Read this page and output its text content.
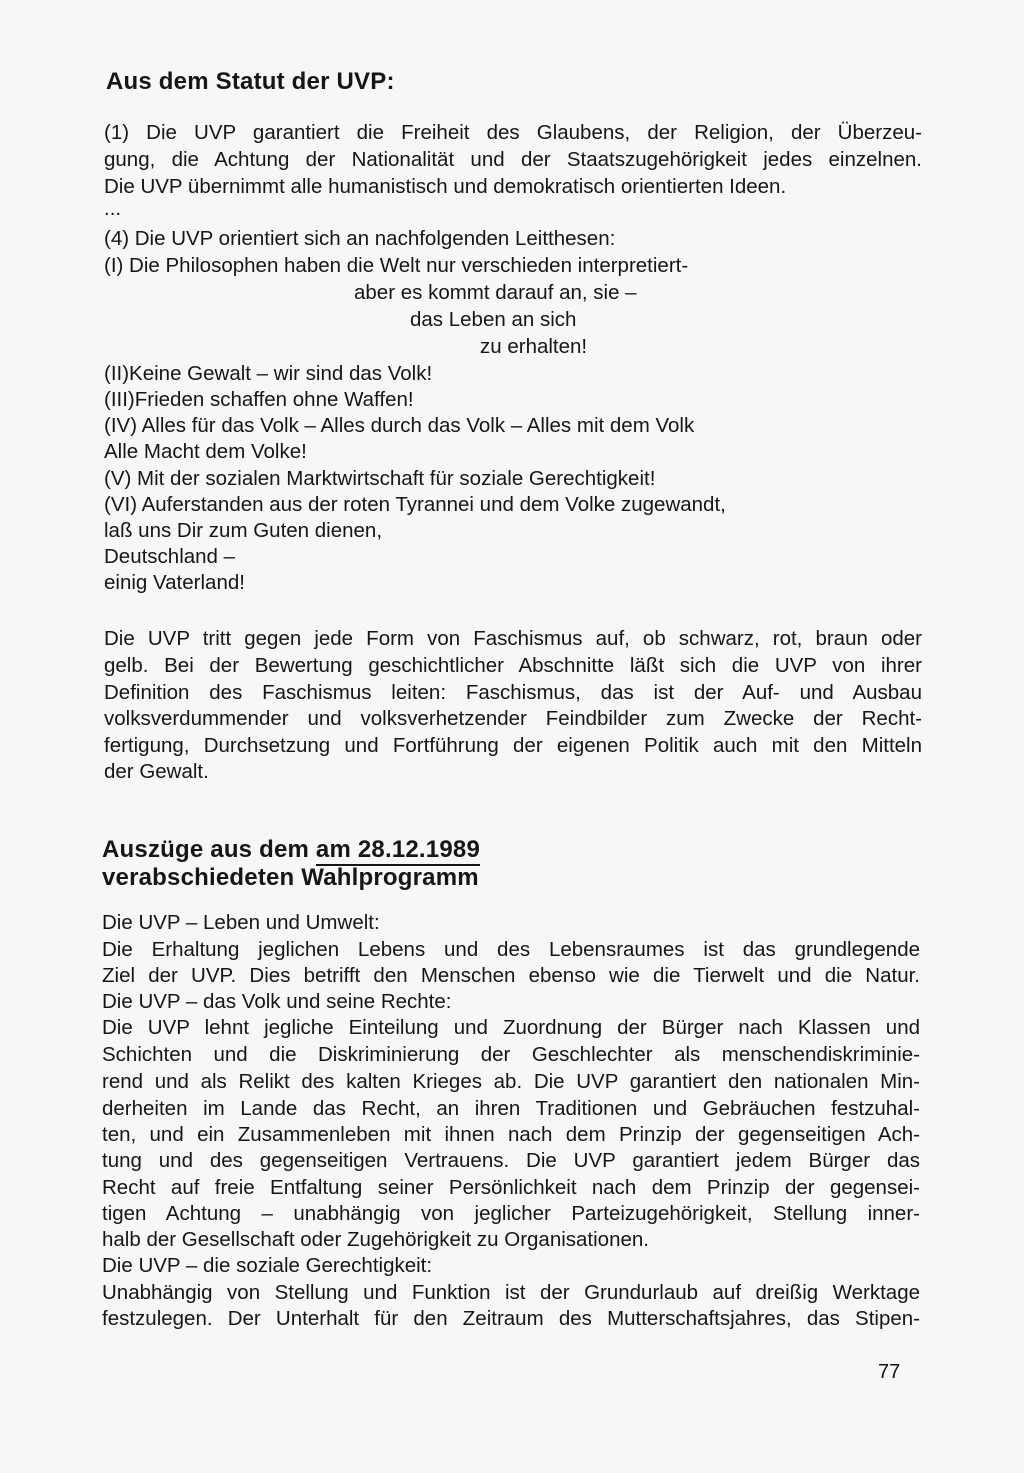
Aus dem Statut der UVP:
(1) Die UVP garantiert die Freiheit des Glaubens, der Religion, der Überzeu-
gung, die Achtung der Nationalität und der Staatszugehörigkeit jedes einzelnen.
Die UVP übernimmt alle humanistisch und demokratisch orientierten Ideen.
...
(4) Die UVP orientiert sich an nachfolgenden Leitthesen:
(I) Die Philosophen haben die Welt nur verschieden interpretiert-
aber es kommt darauf an, sie –
das Leben an sich
zu erhalten!
(II)Keine Gewalt – wir sind das Volk!
(III)Frieden schaffen ohne Waffen!
(IV) Alles für das Volk – Alles durch das Volk – Alles mit dem Volk
Alle Macht dem Volke!
(V) Mit der sozialen Marktwirtschaft für soziale Gerechtigkeit!
(VI) Auferstanden aus der roten Tyrannei und dem Volke zugewandt,
laß uns Dir zum Guten dienen,
Deutschland –
einig Vaterland!
Die UVP tritt gegen jede Form von Faschismus auf, ob schwarz, rot, braun oder
gelb. Bei der Bewertung geschichtlicher Abschnitte läßt sich die UVP von ihrer
Definition des Faschismus leiten: Faschismus, das ist der Auf- und Ausbau
volksverdummender und volksverhetzender Feindbilder zum Zwecke der Recht-
fertigung, Durchsetzung und Fortführung der eigenen Politik auch mit den Mitteln
der Gewalt.
Auszüge aus dem am 28.12.1989
verabschiedeten Wahlprogramm
Die UVP – Leben und Umwelt:
Die Erhaltung jeglichen Lebens und des Lebensraumes ist das grundlegende
Ziel der UVP. Dies betrifft den Menschen ebenso wie die Tierwelt und die Natur.
Die UVP – das Volk und seine Rechte:
Die UVP lehnt jegliche Einteilung und Zuordnung der Bürger nach Klassen und
Schichten und die Diskriminierung der Geschlechter als menschendiskriminie-
rend und als Relikt des kalten Krieges ab. Die UVP garantiert den nationalen Min-
derheiten im Lande das Recht, an ihren Traditionen und Gebräuchen festzuhal-
ten, und ein Zusammenleben mit ihnen nach dem Prinzip der gegenseitigen Ach-
tung und des gegenseitigen Vertrauens. Die UVP garantiert jedem Bürger das
Recht auf freie Entfaltung seiner Persönlichkeit nach dem Prinzip der gegensei-
tigen Achtung – unabhängig von jeglicher Parteizugehörigkeit, Stellung inner-
halb der Gesellschaft oder Zugehörigkeit zu Organisationen.
Die UVP – die soziale Gerechtigkeit:
Unabhängig von Stellung und Funktion ist der Grundurlaub auf dreißig Werktage
festzulegen. Der Unterhalt für den Zeitraum des Mutterschaftsjahres, das Stipen-
77
